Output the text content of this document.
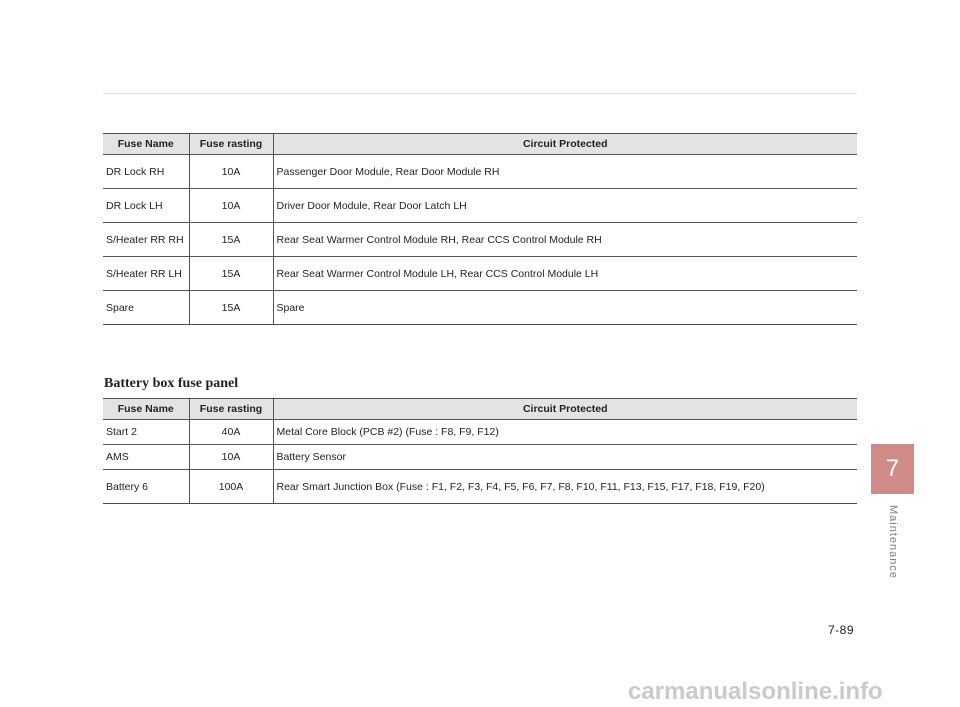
Fuse Name	Fuse rasting	Circuit Protected
DR Lock RH	10A	Passenger Door Module, Rear Door Module RH
DR Lock LH	10A	Driver Door Module, Rear Door Latch LH
S/Heater RR RH	15A	Rear Seat Warmer Control Module RH, Rear CCS Control Module RH
S/Heater RR LH	15A	Rear Seat Warmer Control Module LH, Rear CCS Control Module LH
Spare	15A	Spare
Battery box fuse panel
Fuse Name	Fuse rasting	Circuit Protected
Start 2	40A	Metal Core Block (PCB #2) (Fuse : F8, F9, F12)
AMS	10A	Battery Sensor
Battery 6	100A	Rear Smart Junction Box (Fuse : F1, F2, F3, F4, F5, F6, F7, F8, F10, F11, F13, F15, F17, F18, F19, F20)
7
Maintenance
7-89
carmanualsonline.info
